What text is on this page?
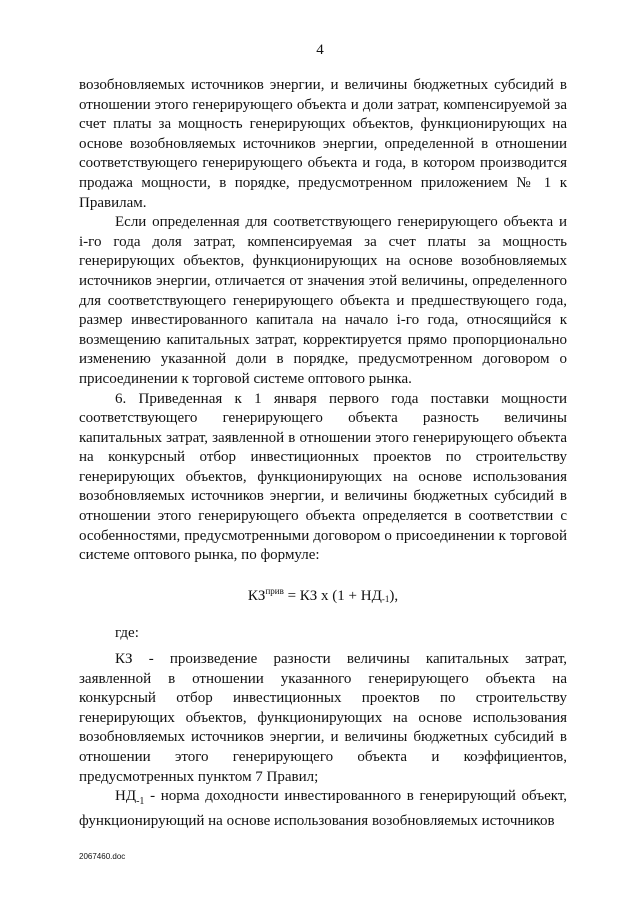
4

возобновляемых источников энергии, и величины бюджетных субсидий в отношении этого генерирующего объекта и доли затрат, компенсируемой за счет платы за мощность генерирующих объектов, функционирующих на основе возобновляемых источников энергии, определенной в отношении соответствующего генерирующего объекта и года, в котором производится продажа мощности, в порядке, предусмотренном приложением № 1 к Правилам.

Если определенная для соответствующего генерирующего объекта и i-го года доля затрат, компенсируемая за счет платы за мощность генерирующих объектов, функционирующих на основе возобновляемых источников энергии, отличается от значения этой величины, определенного для соответствующего генерирующего объекта и предшествующего года, размер инвестированного капитала на начало i-го года, относящийся к возмещению капитальных затрат, корректируется прямо пропорционально изменению указанной доли в порядке, предусмотренном договором о присоединении к торговой системе оптового рынка.

6. Приведенная к 1 января первого года поставки мощности соответствующего генерирующего объекта разность величины капитальных затрат, заявленной в отношении этого генерирующего объекта на конкурсный отбор инвестиционных проектов по строительству генерирующих объектов, функционирующих на основе использования возобновляемых источников энергии, и величины бюджетных субсидий в отношении этого генерирующего объекта определяется в соответствии с особенностями, предусмотренными договором о присоединении к торговой системе оптового рынка, по формуле:

$КЗ^{прив}$ = КЗ х $(1 + НД_{-1})$,

где:

КЗ - произведение разности величины капитальных затрат, заявленной в отношении указанного генерирующего объекта на конкурсный отбор инвестиционных проектов по строительству генерирующих объектов, функционирующих на основе использования возобновляемых источников энергии, и величины бюджетных субсидий в отношении этого генерирующего объекта и коэффициентов, предусмотренных пунктом 7 Правил;

$НД_{-1}$ - норма доходности инвестированного в генерирующий объект, функционирующий на основе использования возобновляемых источников

2067460.doc
